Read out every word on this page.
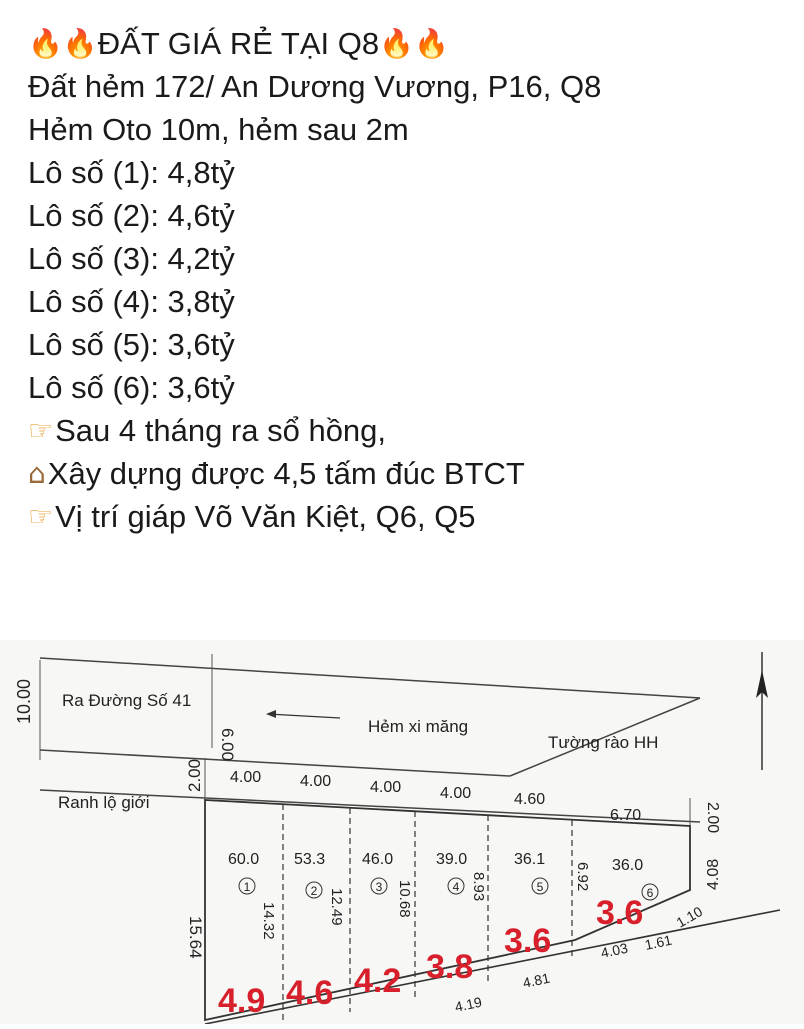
🔥 🔥 ĐẤT GIÁ RẺ TẠI Q8 🔥 🔥
Đất hẻm 172/ An Dương Vương, P16, Q8
Hẻm Oto 10m, hẻm sau 2m
Lô số (1): 4,8tỷ
Lô số (2): 4,6tỷ
Lô số (3): 4,2tỷ
Lô số (4): 3,8tỷ
Lô số (5): 3,6tỷ
Lô số (6): 3,6tỷ
☞ Sau 4 tháng ra sổ hồng,
⌂ Xây dựng được 4,5 tấm đúc BTCT
☞ Vị trí giáp Võ Văn Kiệt, Q6, Q5
10.00 Ra Đường Số 41
6.00
Hẻm xi măng
Tường rào HH
2.00
Ranh lộ giới	2.00
4.08
15.64
4.00 4.00 4.00 4.00	4.60
6.70
60.0 53.3 46.0	39.0	36.1	36.0
1	2	3	4	5	6
14.32	12.49	10.68	8.93	6.92
4.19
4.81
4.03 1.61
1.10
4.9 4.6 4.2 3.8
3.6
3.6
